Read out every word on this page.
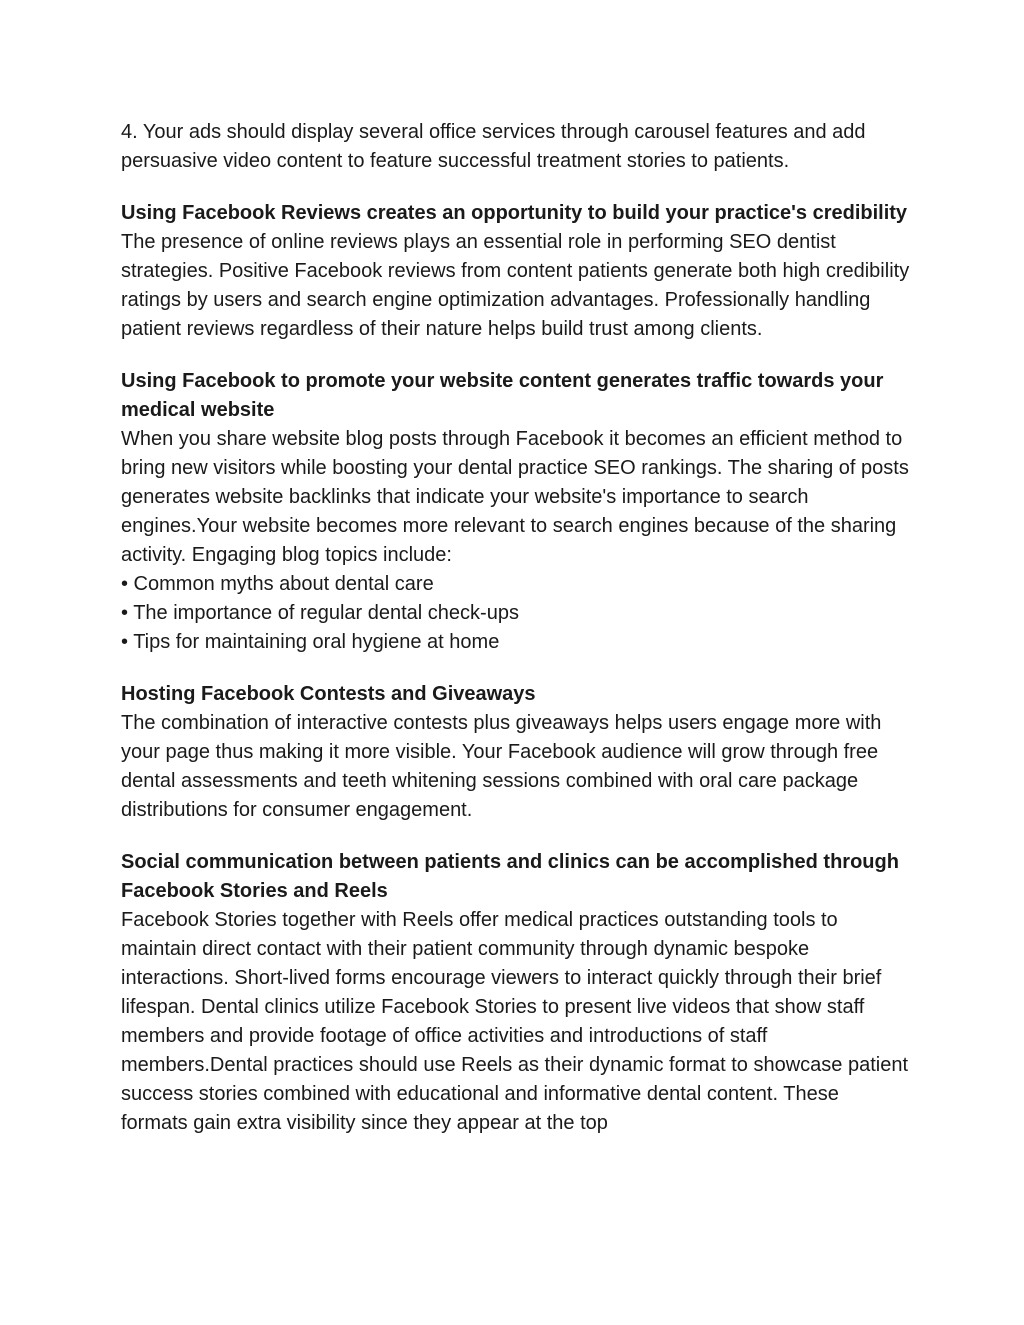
4. Your ads should display several office services through carousel features and add persuasive video content to feature successful treatment stories to patients.

Using Facebook Reviews creates an opportunity to build your practice's credibility

The presence of online reviews plays an essential role in performing SEO dentist strategies. Positive Facebook reviews from content patients generate both high credibility ratings by users and search engine optimization advantages. Professionally handling patient reviews regardless of their nature helps build trust among clients.

Using Facebook to promote your website content generates traffic towards your medical website

When you share website blog posts through Facebook it becomes an efficient method to bring new visitors while boosting your dental practice SEO rankings. The sharing of posts generates website backlinks that indicate your website's importance to search engines.Your website becomes more relevant to search engines because of the sharing activity. Engaging blog topics include:

• Common myths about dental care

• The importance of regular dental check-ups

• Tips for maintaining oral hygiene at home

Hosting Facebook Contests and Giveaways

The combination of interactive contests plus giveaways helps users engage more with your page thus making it more visible. Your Facebook audience will grow through free dental assessments and teeth whitening sessions combined with oral care package distributions for consumer engagement.

Social communication between patients and clinics can be accomplished through Facebook Stories and Reels

Facebook Stories together with Reels offer medical practices outstanding tools to maintain direct contact with their patient community through dynamic bespoke interactions. Short-lived forms encourage viewers to interact quickly through their brief lifespan. Dental clinics utilize Facebook Stories to present live videos that show staff members and provide footage of office activities and introductions of staff members.Dental practices should use Reels as their dynamic format to showcase patient success stories combined with educational and informative dental content. These formats gain extra visibility since they appear at the top
